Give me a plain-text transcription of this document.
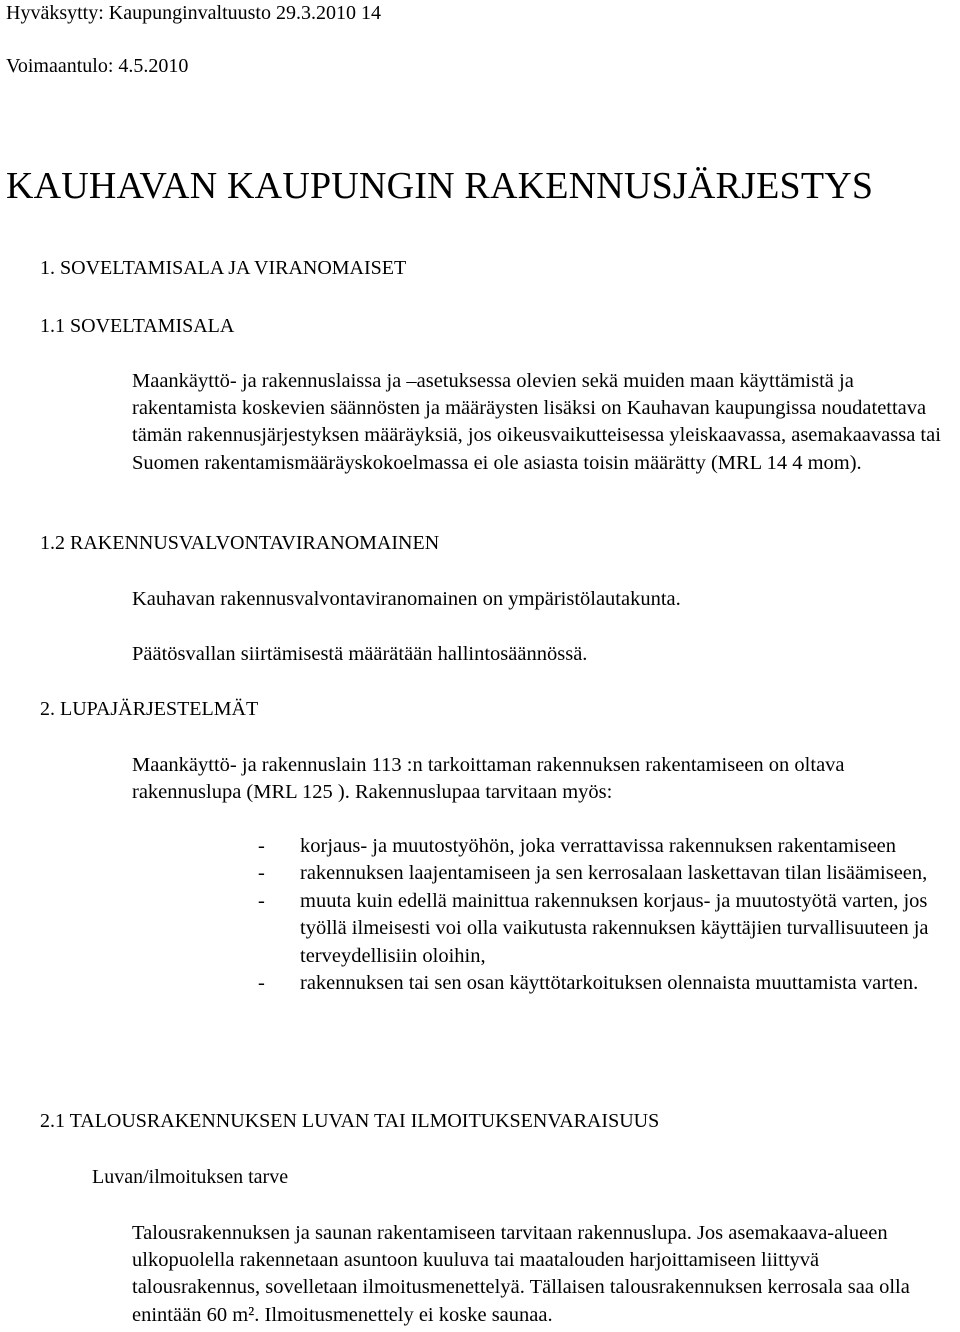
Hyväksytty: Kaupunginvaltuusto 29.3.2010 14

Voimaantulo: 4.5.2010

KAUHAVAN KAUPUNGIN RAKENNUSJÄRJESTYS
1. SOVELTAMISALA JA VIRANOMAISET
1.1 SOVELTAMISALA

Maankäyttö- ja rakennuslaissa ja –asetuksessa olevien sekä muiden maan käyttämistä ja rakentamista koskevien säännösten ja määräysten lisäksi on Kauhavan kaupungissa noudatettava tämän rakennusjärjestyksen määräyksiä, jos oikeusvaikutteisessa yleiskaavassa, asemakaavassa tai Suomen rakentamismääräyskokoelmassa ei ole asiasta toisin määrätty (MRL 14 4 mom).

1.2 RAKENNUSVALVONTAVIRANOMAINEN

Kauhavan rakennusvalvontaviranomainen on ympäristölautakunta.

Päätösvallan siirtämisestä määrätään hallintosäännössä.

2. LUPAJÄRJESTELMÄT

Maankäyttö- ja rakennuslain 113 :n tarkoittaman rakennuksen rakentamiseen on oltava rakennuslupa (MRL 125 ). Rakennuslupaa tarvitaan myös:

- korjaus- ja muutostyöhön, joka verrattavissa rakennuksen rakentamiseen
- rakennuksen laajentamiseen ja sen kerrosalaan laskettavan tilan lisäämiseen,
- muuta kuin edellä mainittua rakennuksen korjaus- ja muutostyötä varten, jos työllä ilmeisesti voi olla vaikutusta rakennuksen käyttäjien turvallisuuteen ja terveydellisiin oloihin,
- rakennuksen tai sen osan käyttötarkoituksen olennaista muuttamista varten.
2.1 TALOUSRAKENNUKSEN LUVAN TAI ILMOITUKSENVARAISUUS
Luvan/ilmoituksen tarve

Talousrakennuksen ja saunan rakentamiseen tarvitaan rakennuslupa. Jos asemakaava-alueen ulkopuolella rakennetaan asuntoon kuuluva tai maatalouden harjoittamiseen liittyvä talousrakennus, sovelletaan ilmoitusmenettelyä. Tällaisen talousrakennuksen kerrosala saa olla enintään 60 m². Ilmoitusmenettely ei koske saunaa.
